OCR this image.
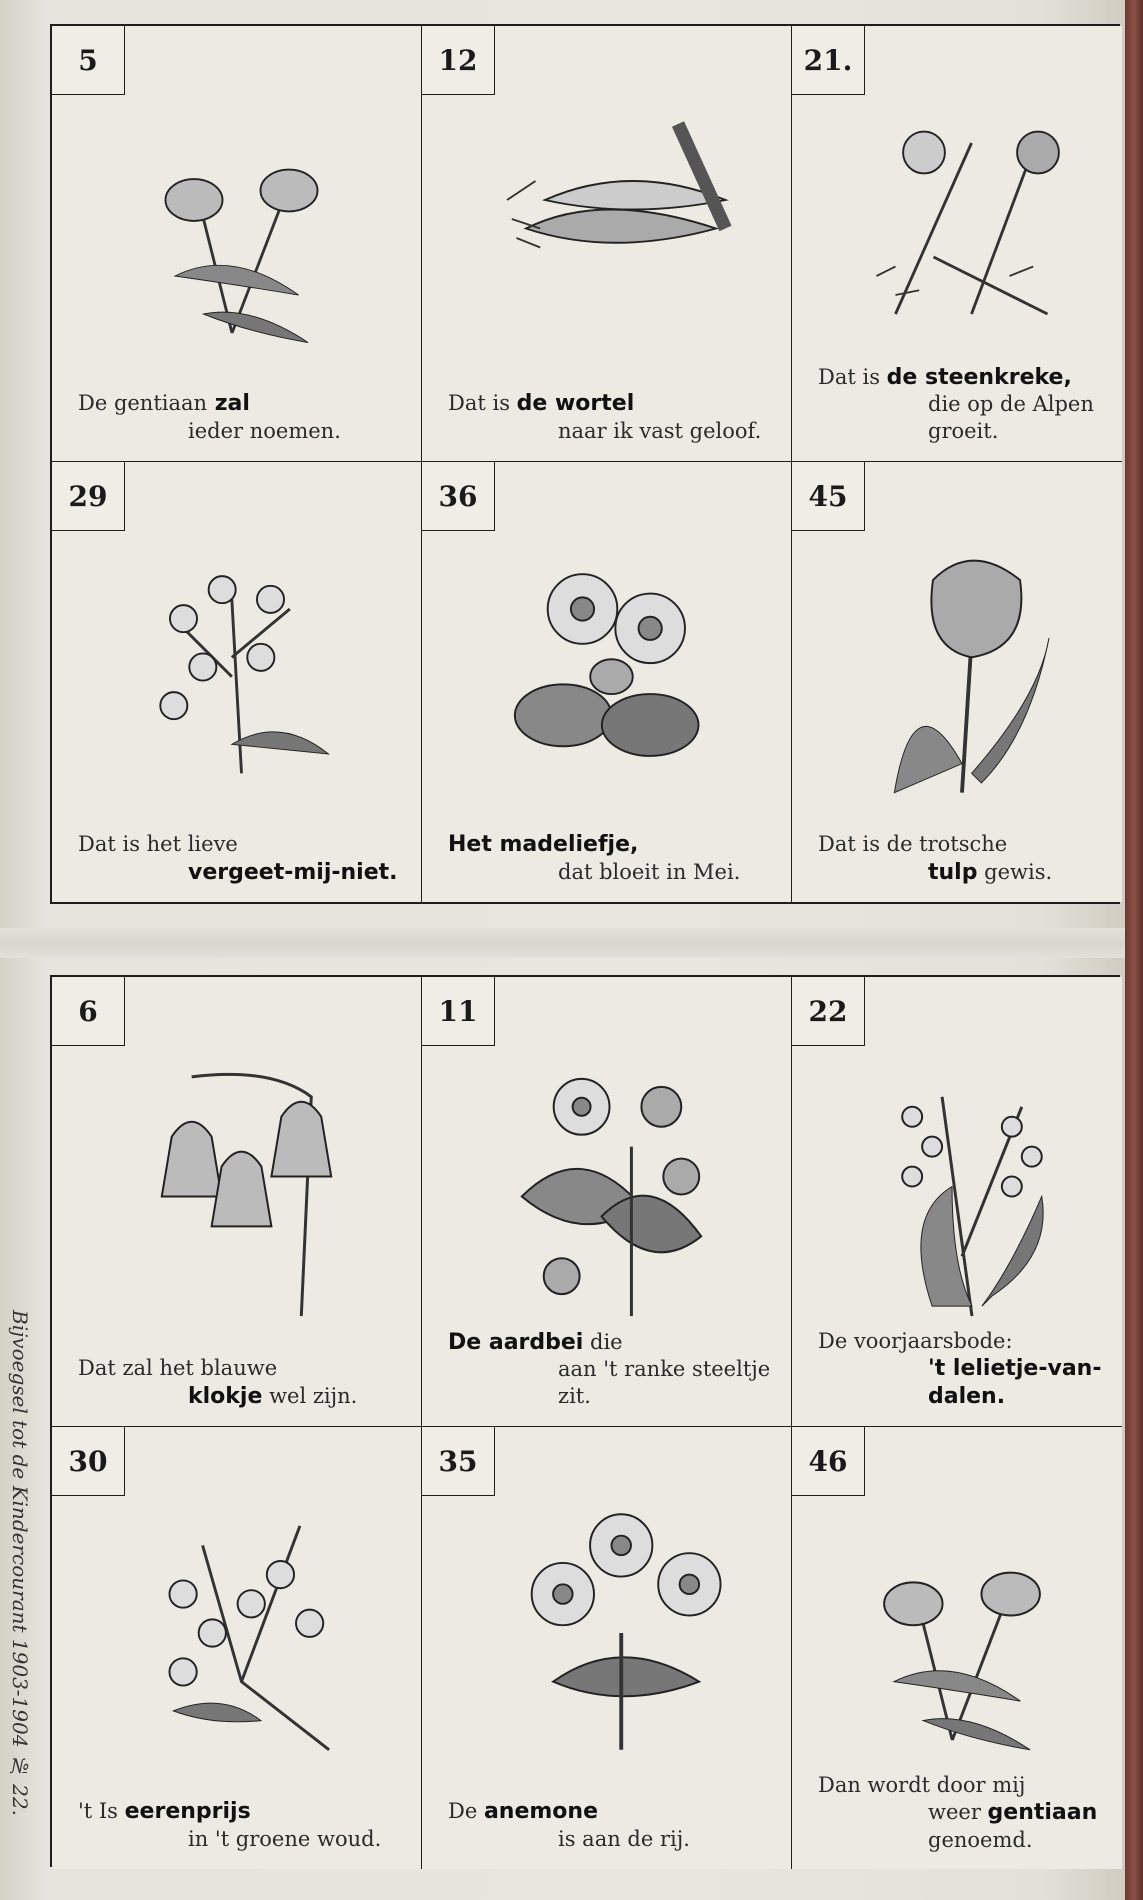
Bijvoegsel tot de Kindercourant 1903-1904 № 22.
5
De gentiaan zal
ieder noemen.
12
Dat is de wortel
naar ik vast geloof.
21.
Dat is de steenkreke,
die op de Alpen groeit.
29
Dat is het lieve
vergeet-mij-niet.
36
Het madeliefje,
dat bloeit in Mei.
45
Dat is de trotsche
tulp gewis.
6
Dat zal het blauwe
klokje wel zijn.
11
De aardbei die
aan 't ranke steeltje zit.
22
De voorjaarsbode:
't lelietje-van-dalen.
30
't Is eerenprijs
in 't groene woud.
35
De anemone
is aan de rij.
46
Dan wordt door mij
weer gentiaan genoemd.
